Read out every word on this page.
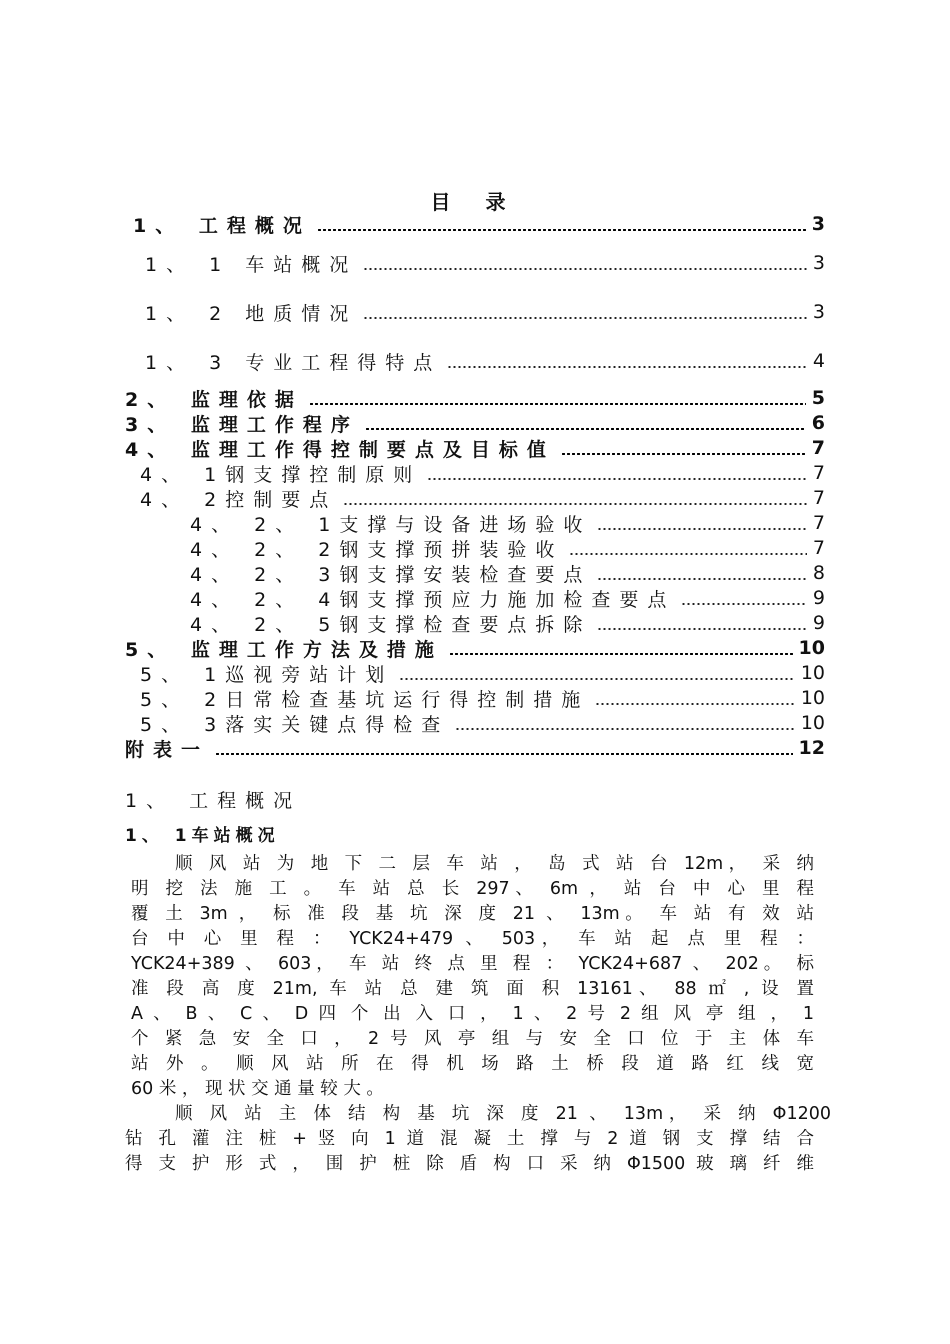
目 录
1、 工程概况	3
1、 1 车站概况	3
1、 2 地质情况	3
1、 3 专业工程得特点	4
2、 监理依据	5
3、 监理工作程序	6
4、 监理工作得控制要点及目标值	7
4、 1钢支撑控制原则	7
4、 2控制要点	7
4、 2、 1支撑与设备进场验收	7
4、 2、 2钢支撑预拼装验收	7
4、 2、 3钢支撑安装检查要点	8
4、 2、 4钢支撑预应力施加检查要点	9
4、 2、 5钢支撑检查要点拆除	9
5、 监理工作方法及措施	10
5、 1巡视旁站计划	10
5、 2日常检查基坑运行得控制措施	10
5、 3落实关键点得检查	10
附表一	12
1、 工程概况
1、 1车站概况
顺 风 站 为 地 下 二 层 车 站 ， 岛 式 站 台 12m， 采 纳
明 挖 法 施 工 。 车 站 总 长 297、 6m ， 站 台 中 心 里 程
覆 土 3m ， 标 准 段 基 坑 深 度 21 、 13m。 车 站 有 效 站
台 中 心 里 程 ： YCK24+479 、 503， 车 站 起 点 里 程 ：
YCK24+389 、 603， 车 站 终 点 里 程 ： YCK24+687 、 202。 标
准 段 高 度 21m, 车 站 总 建 筑 面 积 13161、 88 ㎡ , 设 置
A 、 B 、 C 、 D 四 个 出 入 口 ， 1 、 2 号 2 组 风 亭 组 ， 1
个 紧 急 安 全 口 ， 2 号 风 亭 组 与 安 全 口 位 于 主 体 车
站 外 。 顺 风 站 所 在 得 机 场 路 土 桥 段 道 路 红 线 宽
60 米 ， 现 状 交 通 量 较 大 。
顺 风 站 主 体 结 构 基 坑 深 度 21 、 13m， 采 纳 Φ1200
钻 孔 灌 注 桩 + 竖 向 1 道 混 凝 土 撑 与 2 道 钢 支 撑 结 合
得 支 护 形 式 ， 围 护 桩 除 盾 构 口 采 纳 Φ1500 玻 璃 纤 维
